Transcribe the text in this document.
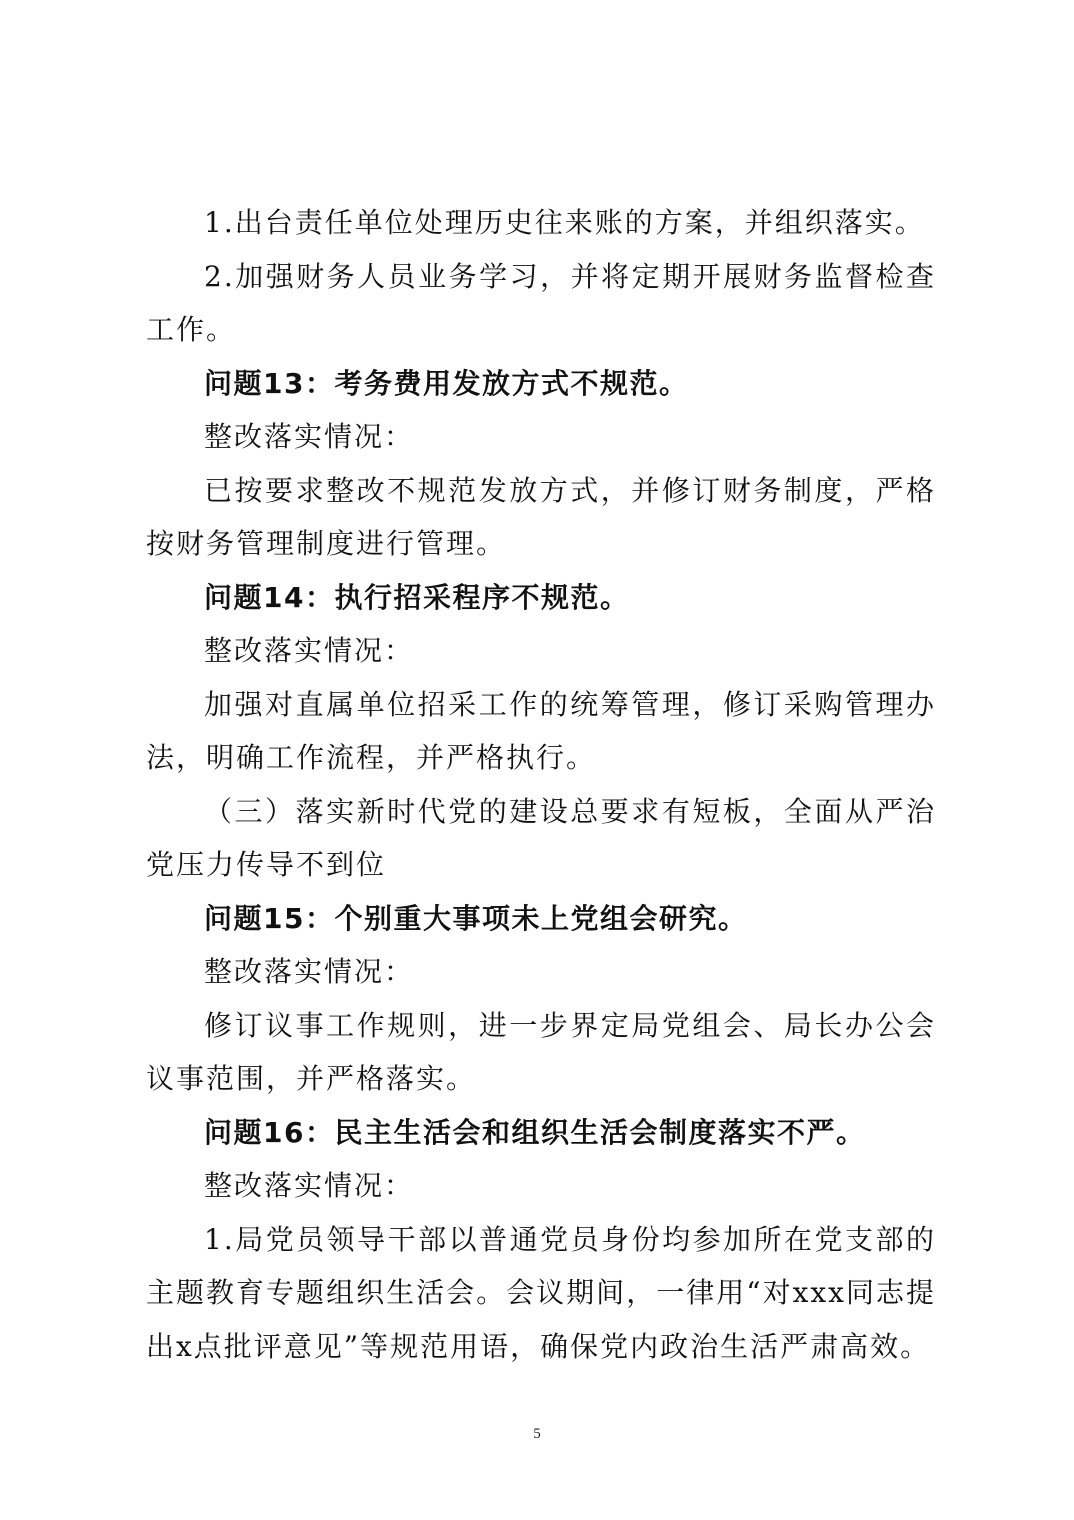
1.出台责任单位处理历史往来账的方案，并组织落实。

2.加强财务人员业务学习，并将定期开展财务监督检查工作。

问题13：考务费用发放方式不规范。

整改落实情况：

已按要求整改不规范发放方式，并修订财务制度，严格按财务管理制度进行管理。

问题14：执行招采程序不规范。

整改落实情况：

加强对直属单位招采工作的统筹管理，修订采购管理办法，明确工作流程，并严格执行。

（三）落实新时代党的建设总要求有短板，全面从严治党压力传导不到位

问题15：个别重大事项未上党组会研究。

整改落实情况：

修订议事工作规则，进一步界定局党组会、局长办公会议事范围，并严格落实。

问题16：民主生活会和组织生活会制度落实不严。

整改落实情况：

1.局党员领导干部以普通党员身份均参加所在党支部的主题教育专题组织生活会。会议期间，一律用“对xxx同志提出x点批评意见”等规范用语，确保党内政治生活严肃高效。

5
